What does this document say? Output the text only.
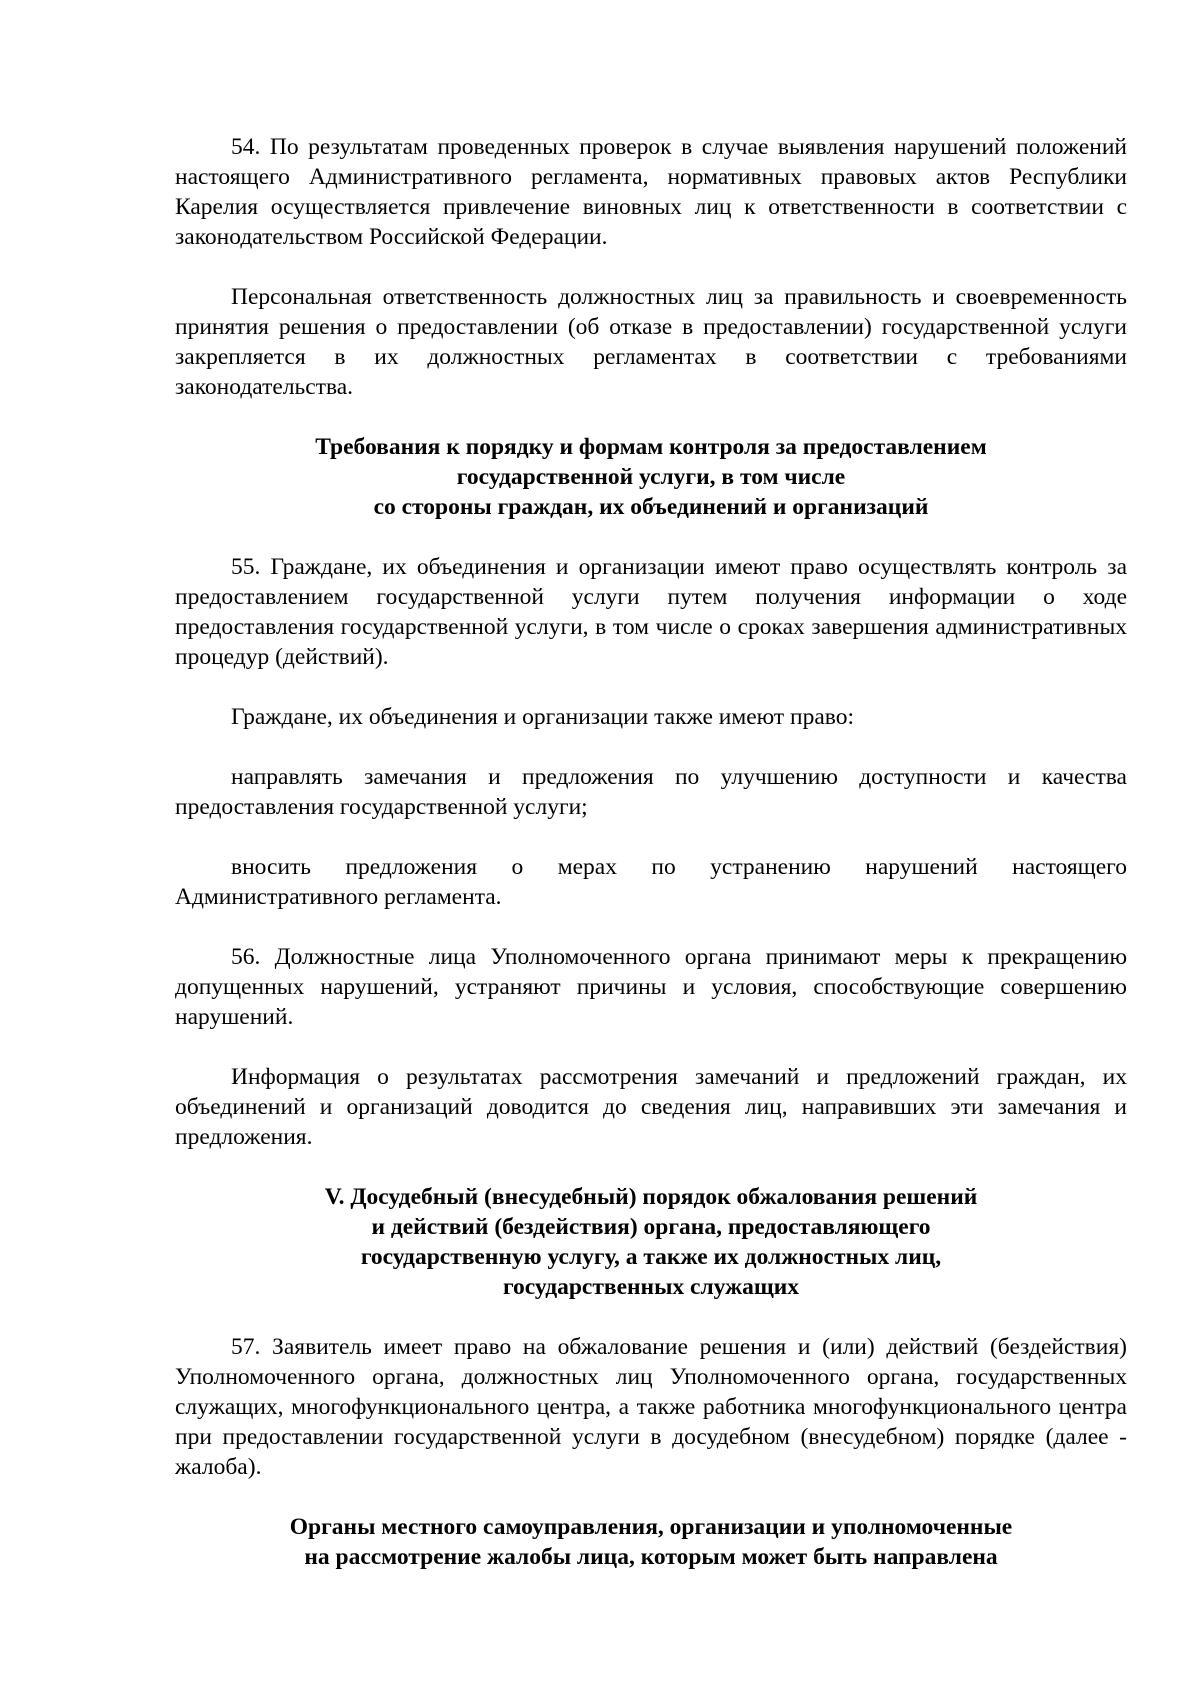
54. По результатам проведенных проверок в случае выявления нарушений положений настоящего Административного регламента, нормативных правовых актов Республики Карелия осуществляется привлечение виновных лиц к ответственности в соответствии с законодательством Российской Федерации.

Персональная ответственность должностных лиц за правильность и своевременность принятия решения о предоставлении (об отказе в предоставлении) государственной услуги закрепляется в их должностных регламентах в соответствии с требованиями законодательства.

Требования к порядку и формам контроля за предоставлением
государственной услуги, в том числе
со стороны граждан, их объединений и организаций

55. Граждане, их объединения и организации имеют право осуществлять контроль за предоставлением государственной услуги путем получения информации о ходе предоставления государственной услуги, в том числе о сроках завершения административных процедур (действий).

Граждане, их объединения и организации также имеют право:

направлять замечания и предложения по улучшению доступности и качества предоставления государственной услуги;

вносить предложения о мерах по устранению нарушений настоящего Административного регламента.

56. Должностные лица Уполномоченного органа принимают меры к прекращению допущенных нарушений, устраняют причины и условия, способствующие совершению нарушений.

Информация о результатах рассмотрения замечаний и предложений граждан, их объединений и организаций доводится до сведения лиц, направивших эти замечания и предложения.

V. Досудебный (внесудебный) порядок обжалования решений
и действий (бездействия) органа, предоставляющего
государственную услугу, а также их должностных лиц,
государственных служащих

57. Заявитель имеет право на обжалование решения и (или) действий (бездействия) Уполномоченного органа, должностных лиц Уполномоченного органа, государственных служащих, многофункционального центра, а также работника многофункционального центра при предоставлении государственной услуги в досудебном (внесудебном) порядке (далее - жалоба).

Органы местного самоуправления, организации и уполномоченные
на рассмотрение жалобы лица, которым может быть направлена
